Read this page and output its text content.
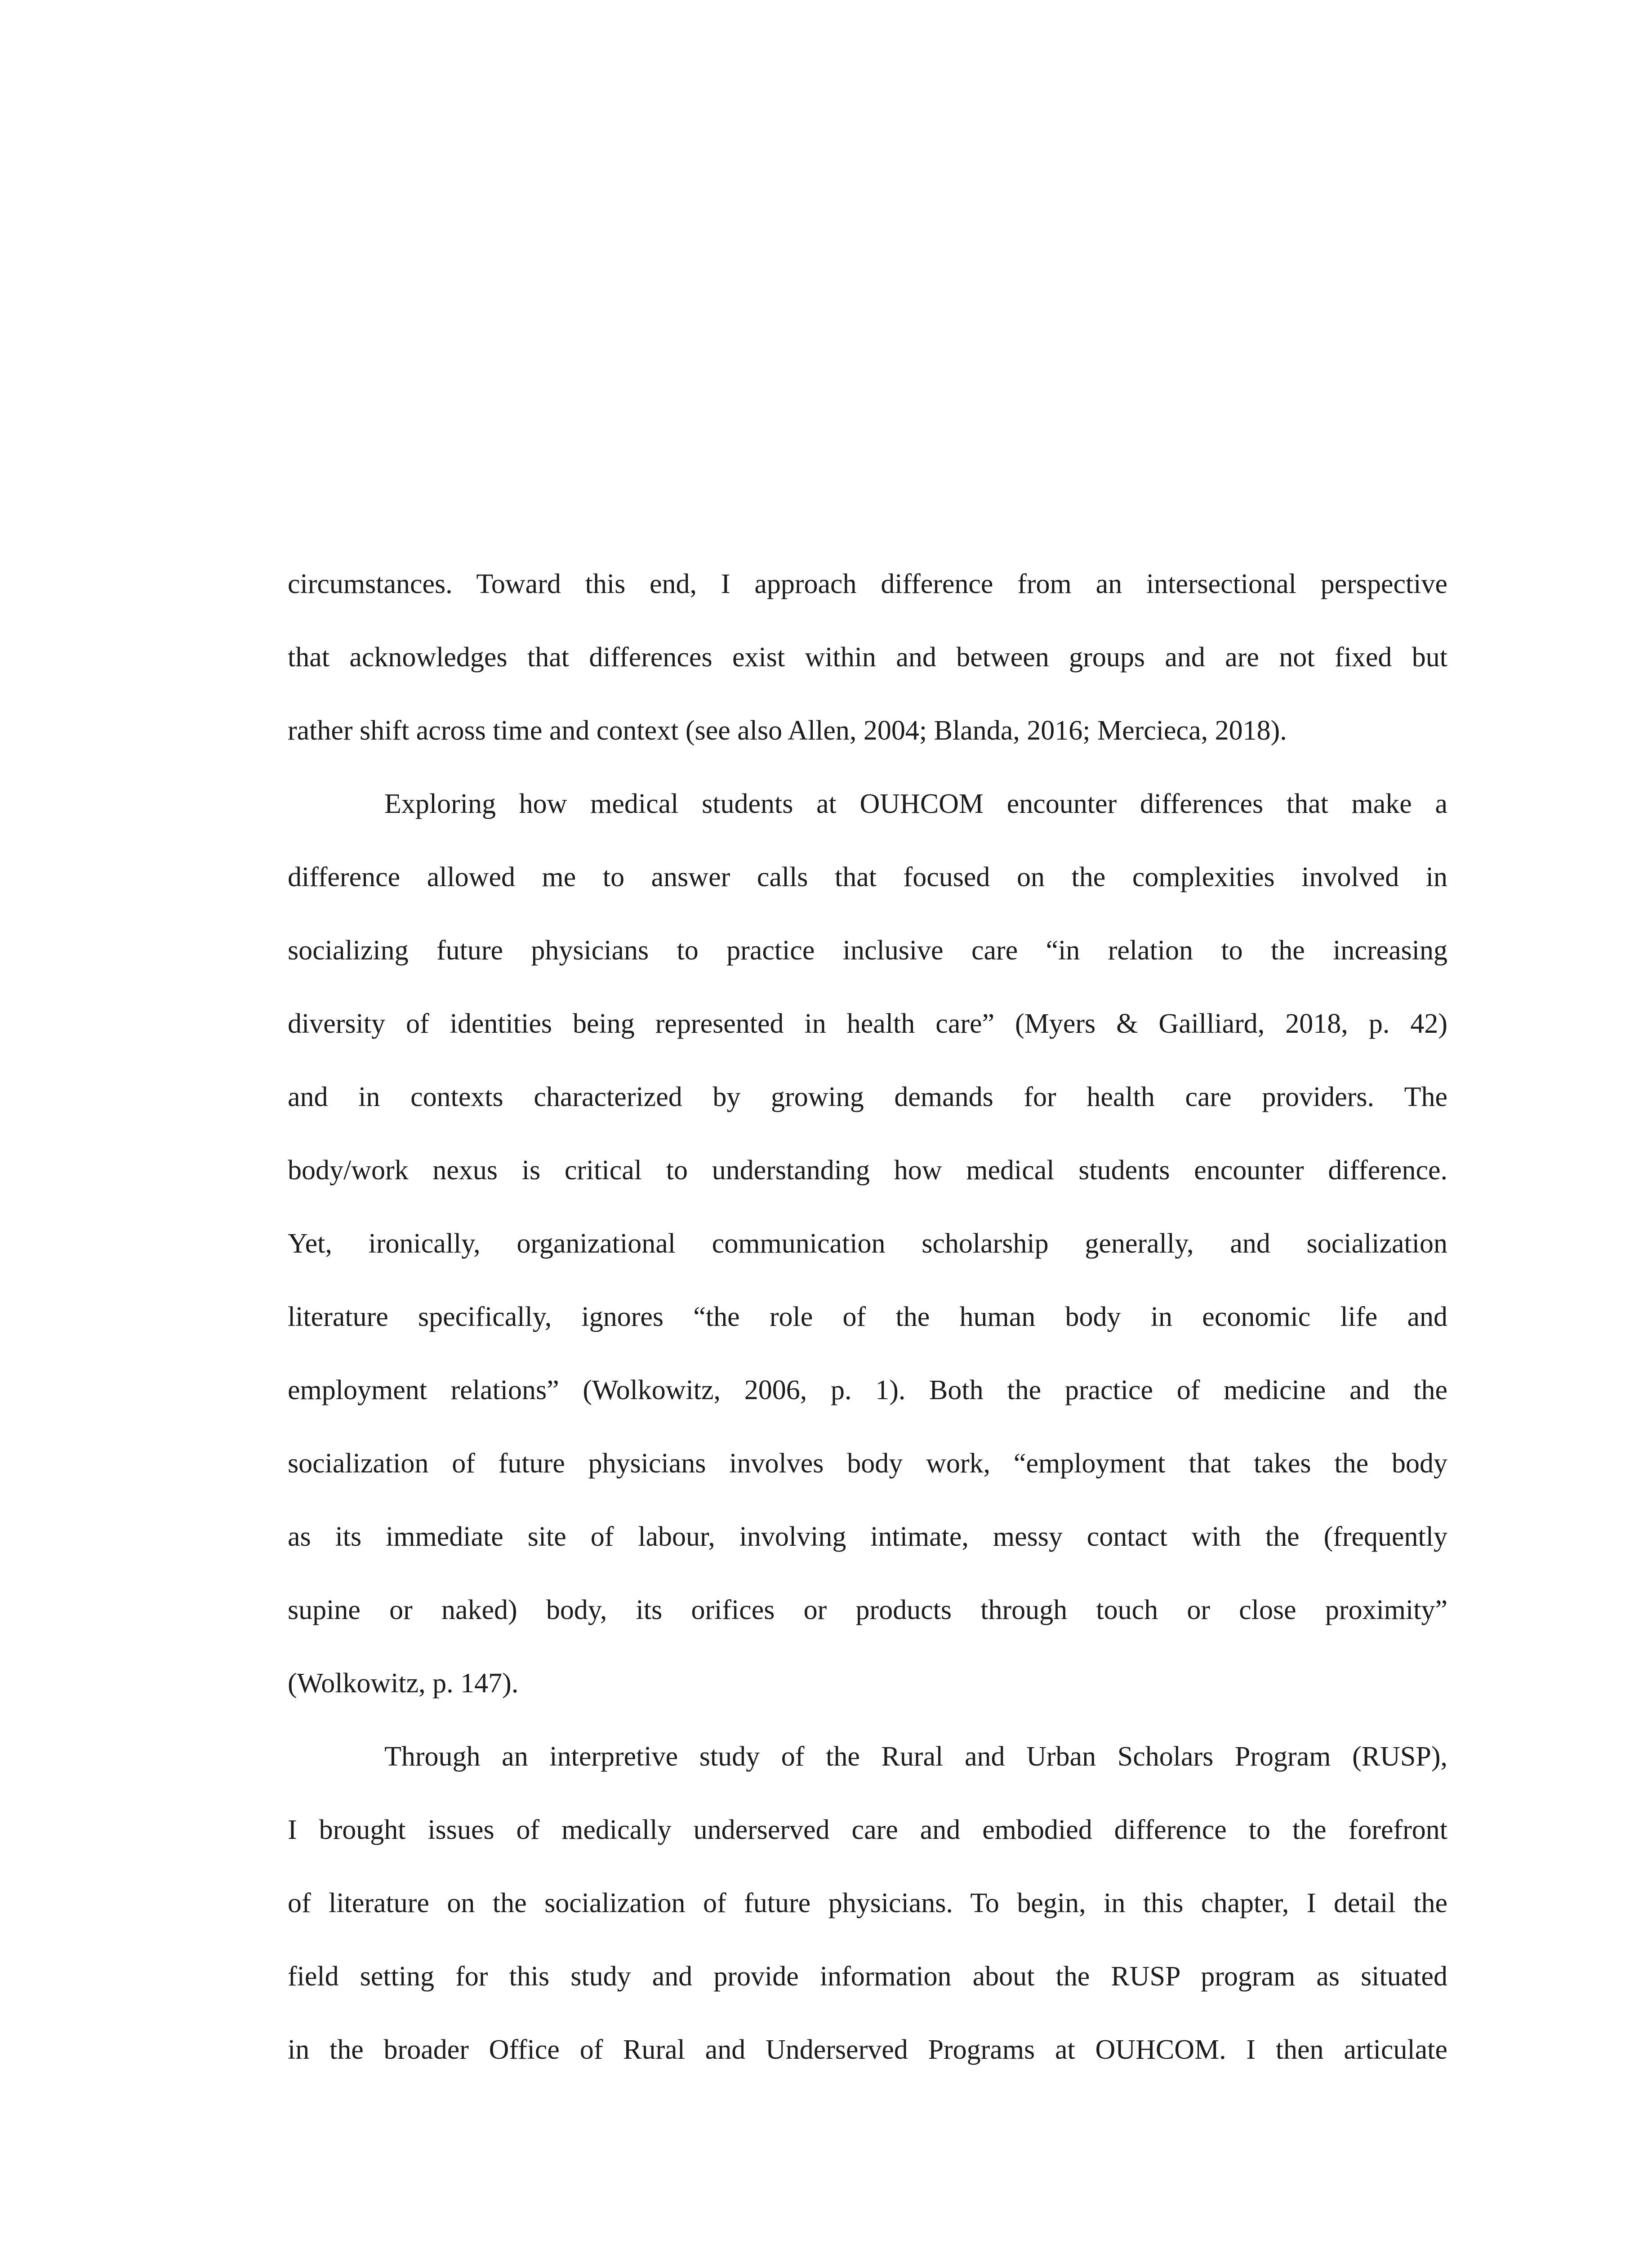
circumstances. Toward this end, I approach difference from an intersectional perspective
that acknowledges that differences exist within and between groups and are not fixed but
rather shift across time and context (see also Allen, 2004; Blanda, 2016; Mercieca, 2018).
Exploring how medical students at OUHCOM encounter differences that make a
difference allowed me to answer calls that focused on the complexities involved in
socializing future physicians to practice inclusive care “in relation to the increasing
diversity of identities being represented in health care” (Myers & Gailliard, 2018, p. 42)
and in contexts characterized by growing demands for health care providers. The
body/work nexus is critical to understanding how medical students encounter difference.
Yet, ironically, organizational communication scholarship generally, and socialization
literature specifically, ignores “the role of the human body in economic life and
employment relations” (Wolkowitz, 2006, p. 1). Both the practice of medicine and the
socialization of future physicians involves body work, “employment that takes the body
as its immediate site of labour, involving intimate, messy contact with the (frequently
supine or naked) body, its orifices or products through touch or close proximity”
(Wolkowitz, p. 147).
Through an interpretive study of the Rural and Urban Scholars Program (RUSP),
I brought issues of medically underserved care and embodied difference to the forefront
of literature on the socialization of future physicians. To begin, in this chapter, I detail the
field setting for this study and provide information about the RUSP program as situated
in the broader Office of Rural and Underserved Programs at OUHCOM. I then articulate
